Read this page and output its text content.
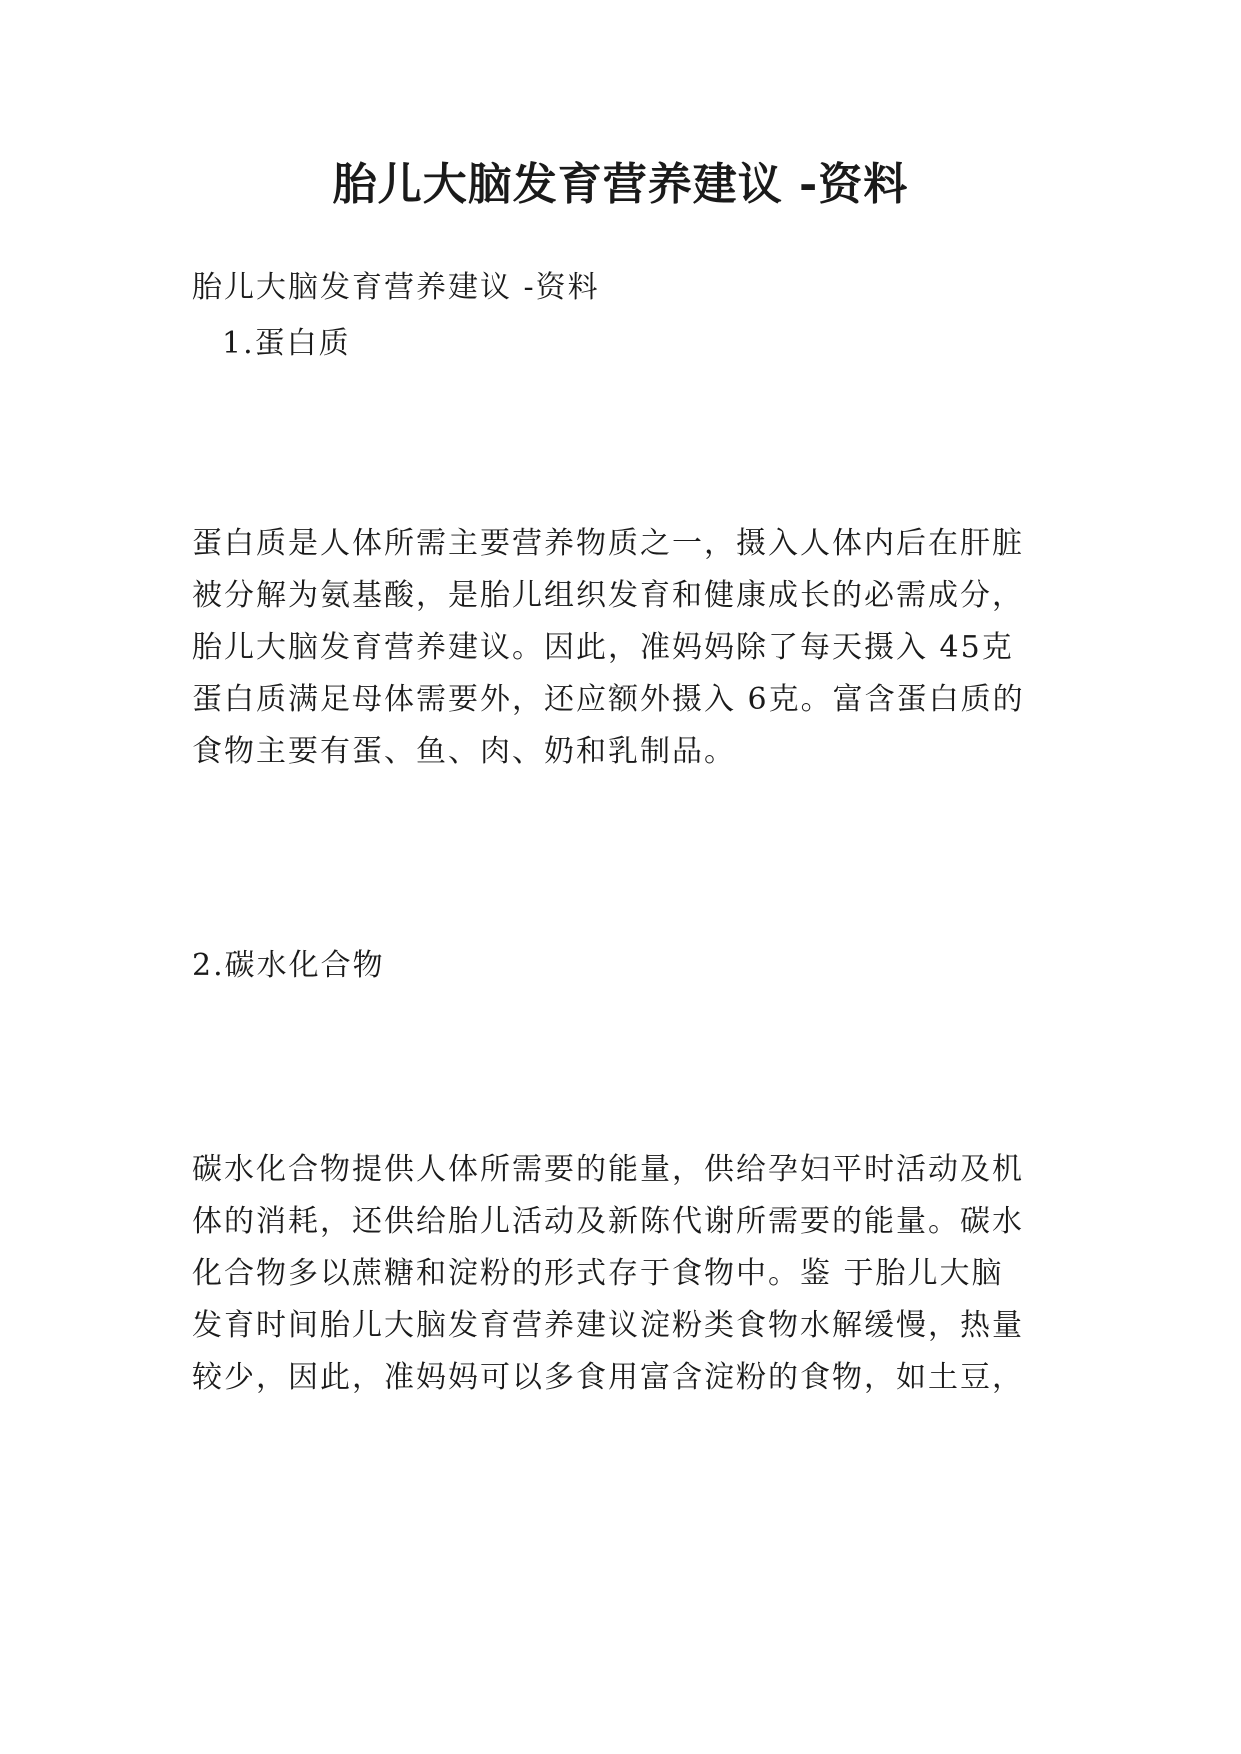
胎儿大脑发育营养建议 -资料

胎儿大脑发育营养建议 -资料

1.蛋白质

蛋白质是人体所需主要营养物质之一，摄入人体内后在肝脏
被分解为氨基酸，是胎儿组织发育和健康成长的必需成分，
胎儿大脑发育营养建议。因此，准妈妈除了每天摄入 45克
蛋白质满足母体需要外，还应额外摄入 6克。富含蛋白质的
食物主要有蛋、鱼、肉、奶和乳制品。

2.碳水化合物

碳水化合物提供人体所需要的能量，供给孕妇平时活动及机
体的消耗，还供给胎儿活动及新陈代谢所需要的能量。碳水
化合物多以蔗糖和淀粉的形式存于食物中。鉴 于胎儿大脑
发育时间胎儿大脑发育营养建议淀粉类食物水解缓慢，热量
较少，因此，准妈妈可以多食用富含淀粉的食物，如土豆，
